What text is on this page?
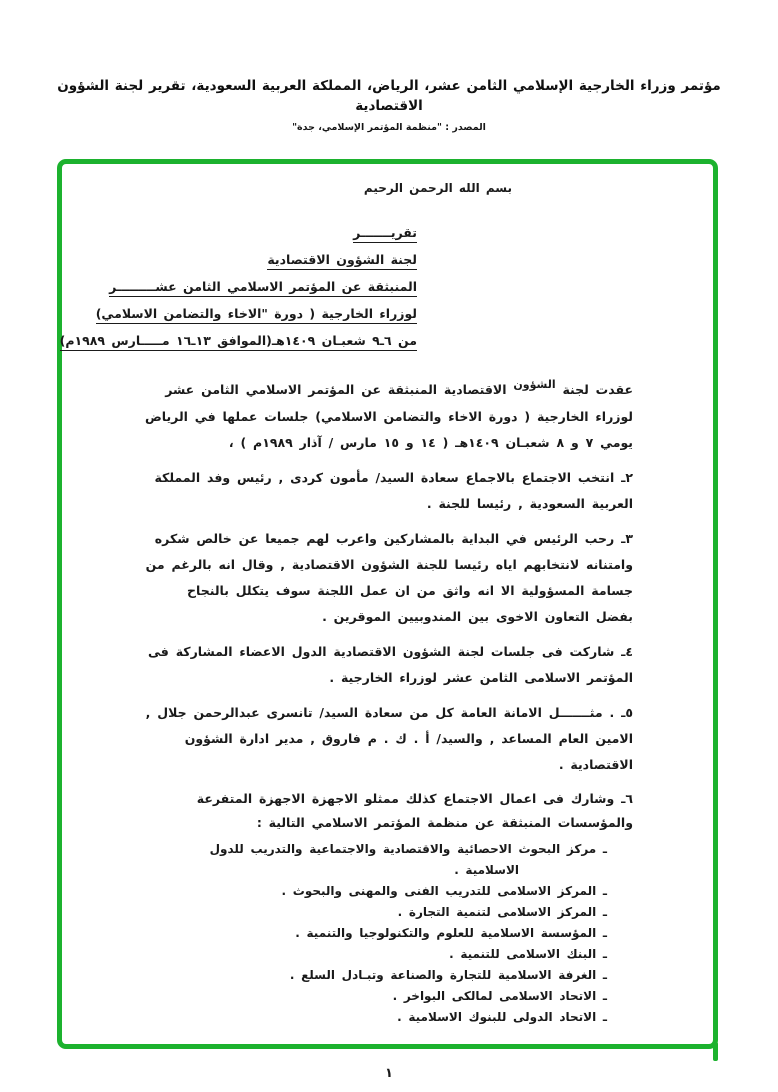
مؤتمر وزراء الخارجية الإسلامي الثامن عشر، الرياض، المملكة العربية السعودية، تقرير لجنة الشؤون الاقتصادية
المصدر : "منظمة المؤتمر الإسلامي، جدة"
بسم الله الرحمن الرحيم
تقريـــــــر
لجنة الشؤون الاقتصادية
المنبثقة عن المؤتمر الاسلامي الثامن عشـــــــــر
لوزراء الخارجية ( دورة "الاخاء والتضامن الاسلامي)
من ٦ـ٩ شعبـان ١٤٠٩هـ(الموافق ١٣ـ١٦ مـــــارس ١٩٨٩م)

عقدت لجنة الشؤون الاقتصادية المنبثقة عن المؤتمر الاسلامي الثامن عشر لوزراء الخارجية ( دورة الاخاء والتضامن الاسلامي) جلسات عملها في الرياض يومي ٧ و ٨ شعبـان ١٤٠٩هـ ( ١٤ و ١٥ مارس / آذار ١٩٨٩م ) ،

٢ـ انتخب الاجتماع بالاجماع سعادة السيد/ مأمون كردى , رئيس وفد المملكة العربية السعودية , رئيسا للجنة .

٣ـ رحب الرئيس في البداية بالمشاركين واعرب لهم جميعا عن خالص شكره وامتنانه لانتخابهم اياه رئيسا للجنة الشؤون الاقتصادية , وقال انه بالرغم من جسامة المسؤولية الا انه واثق من ان عمل اللجنة سوف يتكلل بالنجاح بفضل التعاون الاخوى بين المندوبيين الموقرين .

٤ـ شاركت فى جلسات لجنة الشؤون الاقتصادية الدول الاعضاء المشاركة فى المؤتمر الاسلامى الثامن عشر لوزراء الخارجية .

٥ـ . مثـــــــل الامانة العامة كل من سعادة السيد/ تانسرى عبدالرحمن جلال , الامين العام المساعد , والسيد/ أ . ك . م فاروق , مدير ادارة الشؤون الاقتصادية .

٦ـ وشارك فى اعمال الاجتماع كذلك ممثلو الاجهزة الاجهزة المتفرعة والمؤسسات المنبثقة عن منظمة المؤتمر الاسلامي التالية :

ـ مركز البحوث الاحصائية والاقتصادية والاجتماعية والتدريب للدول الاسلامية .
ـ المركز الاسلامى للتدريب الفنى والمهنى والبحوث .
ـ المركز الاسلامى لتنمية التجارة .
ـ المؤسسة الاسلامية للعلوم والتكنولوجيا والتنمية .
ـ البنك الاسلامى للتنمية .
ـ الغرفة الاسلامية للتجارة والصناعة وتبـادل السلع .
ـ الاتحاد الاسلامى لمالكى البواخر .
ـ الاتحاد الدولى للبنوك الاسلامية .
١
